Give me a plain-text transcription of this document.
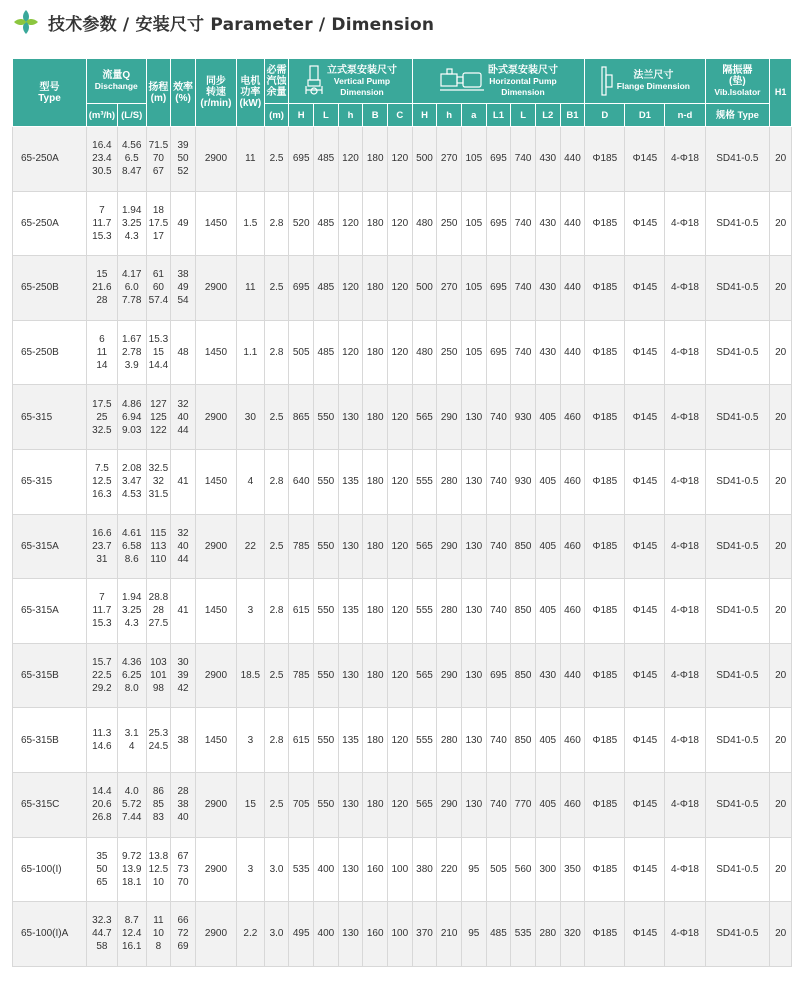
技术参数 / 安装尺寸 Parameter / Dimension
型号
Type	流量Q
Dischange		扬程
(m)	效率
(%)	同步
转速
(r/min)	电机
功率
(kW)	必需
汽蚀
余量	立式泵安装尺寸
Vertical Pump
Dimension					卧式泵安装尺寸
Horizontal Pump
Dimension							法兰尺寸
Flange Dimension			隔振器
(垫)
Vib.Isolator	H1
	(m³/h)	(L/S)					(m)	H	L	h	B	C	H	h	a	L1	L	L2	B1	D	D1	n-d	规格 Type	
65-250A	16.4
23.4
30.5	4.56
6.5
8.47	71.5
70
67	39
50
52	2900	11	2.5	695	485	120	180	120	500	270	105	695	740	430	440	Φ185	Φ145	4-Φ18	SD41-0.5	20
65-250A	7
11.7
15.3	1.94
3.25
4.3	18
17.5
17	49	1450	1.5	2.8	520	485	120	180	120	480	250	105	695	740	430	440	Φ185	Φ145	4-Φ18	SD41-0.5	20
65-250B	15
21.6
28	4.17
6.0
7.78	61
60
57.4	38
49
54	2900	11	2.5	695	485	120	180	120	500	270	105	695	740	430	440	Φ185	Φ145	4-Φ18	SD41-0.5	20
65-250B	6
11
14	1.67
2.78
3.9	15.3
15
14.4	48	1450	1.1	2.8	505	485	120	180	120	480	250	105	695	740	430	440	Φ185	Φ145	4-Φ18	SD41-0.5	20
65-315	17.5
25
32.5	4.86
6.94
9.03	127
125
122	32
40
44	2900	30	2.5	865	550	130	180	120	565	290	130	740	930	405	460	Φ185	Φ145	4-Φ18	SD41-0.5	20
65-315	7.5
12.5
16.3	2.08
3.47
4.53	32.5
32
31.5	41	1450	4	2.8	640	550	135	180	120	555	280	130	740	930	405	460	Φ185	Φ145	4-Φ18	SD41-0.5	20
65-315A	16.6
23.7
31	4.61
6.58
8.6	115
113
110	32
40
44	2900	22	2.5	785	550	130	180	120	565	290	130	740	850	405	460	Φ185	Φ145	4-Φ18	SD41-0.5	20
65-315A	7
11.7
15.3	1.94
3.25
4.3	28.8
28
27.5	41	1450	3	2.8	615	550	135	180	120	555	280	130	740	850	405	460	Φ185	Φ145	4-Φ18	SD41-0.5	20
65-315B	15.7
22.5
29.2	4.36
6.25
8.0	103
101
98	30
39
42	2900	18.5	2.5	785	550	130	180	120	565	290	130	695	850	430	440	Φ185	Φ145	4-Φ18	SD41-0.5	20
65-315B	11.3
14.6	3.1
4	25.3
24.5	38	1450	3	2.8	615	550	135	180	120	555	280	130	740	850	405	460	Φ185	Φ145	4-Φ18	SD41-0.5	20
65-315C	14.4
20.6
26.8	4.0
5.72
7.44	86
85
83	28
38
40	2900	15	2.5	705	550	130	180	120	565	290	130	740	770	405	460	Φ185	Φ145	4-Φ18	SD41-0.5	20
65-100(I)	35
50
65	9.72
13.9
18.1	13.8
12.5
10	67
73
70	2900	3	3.0	535	400	130	160	100	380	220	95	505	560	300	350	Φ185	Φ145	4-Φ18	SD41-0.5	20
65-100(I)A	32.3
44.7
58	8.7
12.4
16.1	11
10
8	66
72
69	2900	2.2	3.0	495	400	130	160	100	370	210	95	485	535	280	320	Φ185	Φ145	4-Φ18	SD41-0.5	20
